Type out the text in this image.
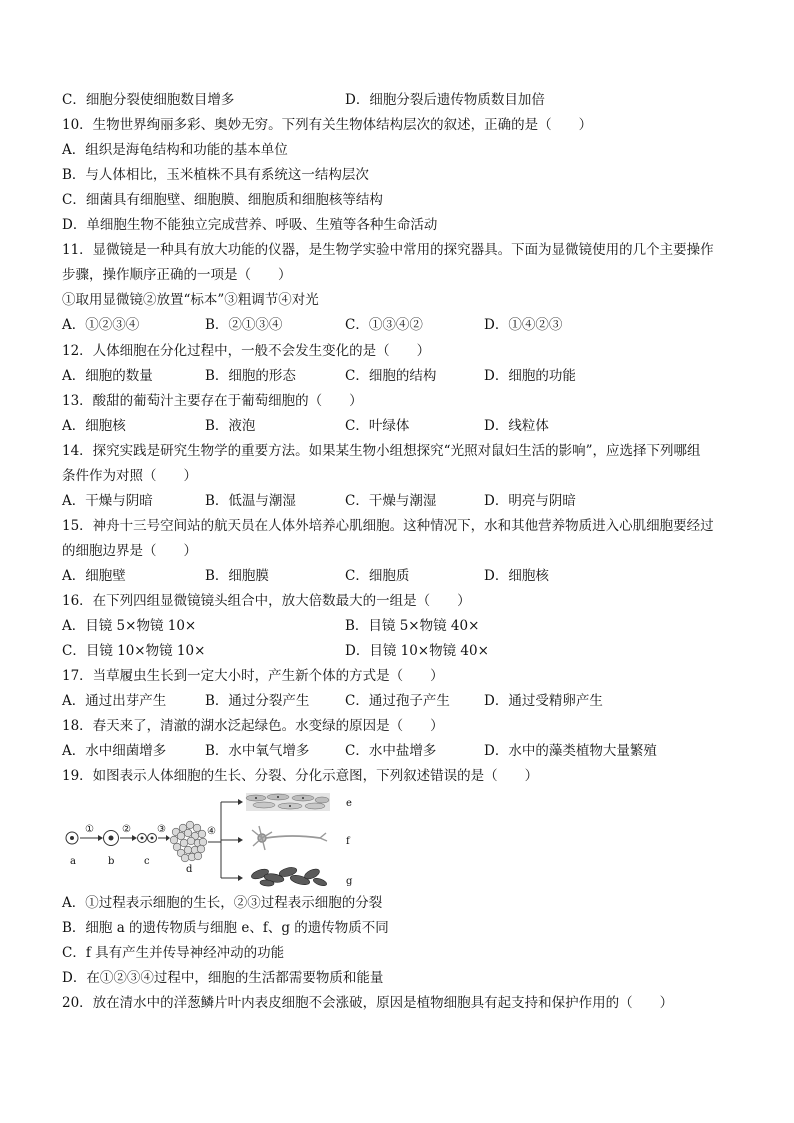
C．细胞分裂使细胞数目增多	D．细胞分裂后遗传物质数目加倍
10．生物世界绚丽多彩、奥妙无穷。下列有关生物体结构层次的叙述，正确的是（　　）
A．组织是海龟结构和功能的基本单位
B．与人体相比，玉米植株不具有系统这一结构层次
C．细菌具有细胞壁、细胞膜、细胞质和细胞核等结构
D．单细胞生物不能独立完成营养、呼吸、生殖等各种生命活动
11．显微镜是一种具有放大功能的仪器，是生物学实验中常用的探究器具。下面为显微镜使用的几个主要操作
步骤，操作顺序正确的一项是（　　）
①取用显微镜②放置“标本”③粗调节④对光
A．①②③④	B．②①③④	C．①③④②	D．①④②③
12．人体细胞在分化过程中，一般不会发生变化的是（　　）
A．细胞的数量	B．细胞的形态	C．细胞的结构	D．细胞的功能
13．酸甜的葡萄汁主要存在于葡萄细胞的（　　）
A．细胞核	B．液泡	C．叶绿体	D．线粒体
14．探究实践是研究生物学的重要方法。如果某生物小组想探究“光照对鼠妇生活的影响”，应选择下列哪组
条件作为对照（　　）
A．干燥与阴暗	B．低温与潮湿	C．干燥与潮湿	D．明亮与阴暗
15．神舟十三号空间站的航天员在人体外培养心肌细胞。这种情况下，水和其他营养物质进入心肌细胞要经过
的细胞边界是（　　）
A．细胞壁	B．细胞膜	C．细胞质	D．细胞核
16．在下列四组显微镜镜头组合中，放大倍数最大的一组是（　　）
A．目镜 5×物镜 10×	B．目镜 5×物镜 40×
C．目镜 10×物镜 10×	D．目镜 10×物镜 40×
17．当草履虫生长到一定大小时，产生新个体的方式是（　　）
A．通过出芽产生	B．通过分裂产生	C．通过孢子产生	D．通过受精卵产生
18．春天来了，清澈的湖水泛起绿色。水变绿的原因是（　　）
A．水中细菌增多	B．水中氧气增多	C．水中盐增多	D．水中的藻类植物大量繁殖
19．如图表示人体细胞的生长、分裂、分化示意图，下列叙述错误的是（　　）
①	②	③	④
e
f
g
a	b	c
d
A．①过程表示细胞的生长，②③过程表示细胞的分裂
B．细胞 a 的遗传物质与细胞 e、f、g 的遗传物质不同
C．f 具有产生并传导神经冲动的功能
D．在①②③④过程中，细胞的生活都需要物质和能量
20．放在清水中的洋葱鳞片叶内表皮细胞不会涨破，原因是植物细胞具有起支持和保护作用的（　　）
